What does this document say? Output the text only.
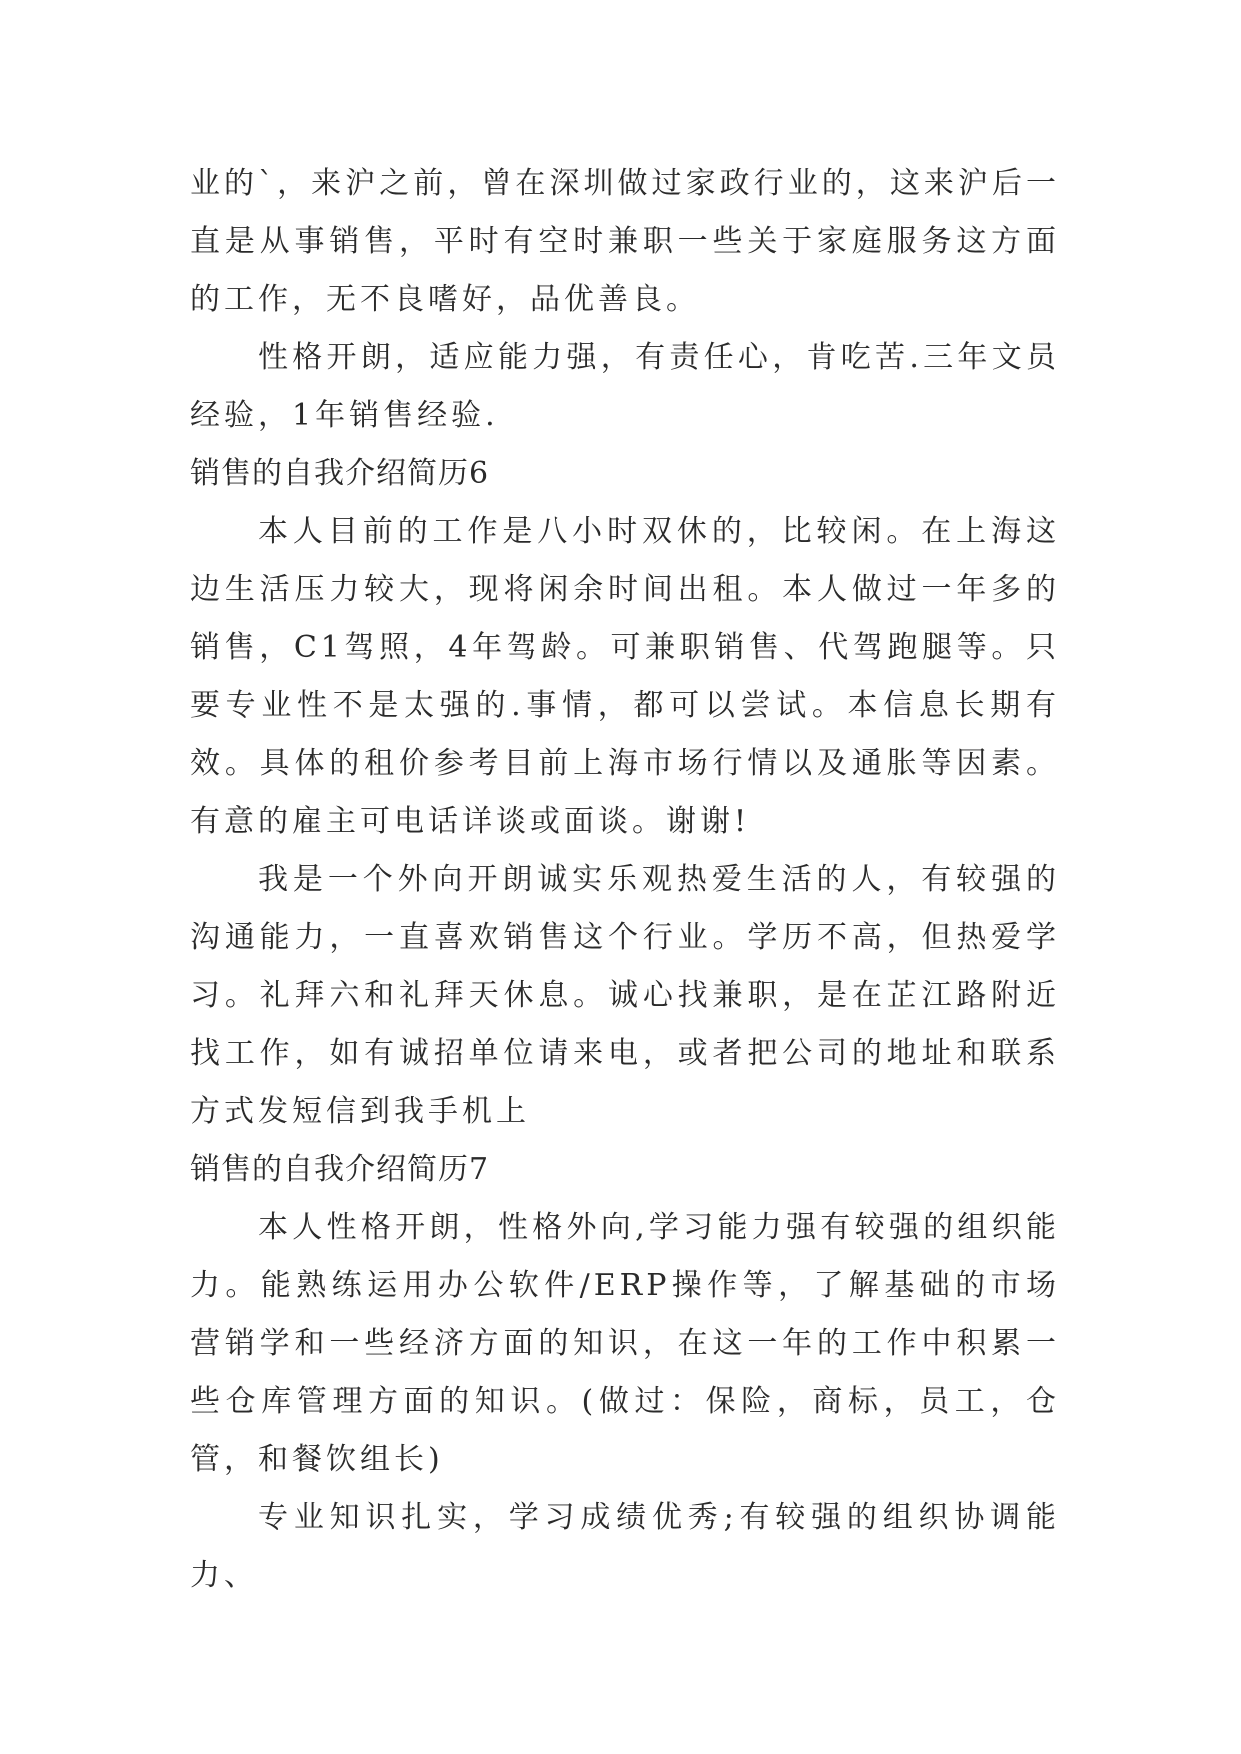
业的`，来沪之前，曾在深圳做过家政行业的，这来沪后一直是从事销售，平时有空时兼职一些关于家庭服务这方面的工作，无不良嗜好，品优善良。

性格开朗，适应能力强，有责任心，肯吃苦.三年文员经验，1年销售经验.

销售的自我介绍简历6

本人目前的工作是八小时双休的，比较闲。在上海这边生活压力较大，现将闲余时间出租。本人做过一年多的销售，C1驾照，4年驾龄。可兼职销售、代驾跑腿等。只要专业性不是太强的.事情，都可以尝试。本信息长期有效。具体的租价参考目前上海市场行情以及通胀等因素。有意的雇主可电话详谈或面谈。谢谢!

我是一个外向开朗诚实乐观热爱生活的人，有较强的沟通能力，一直喜欢销售这个行业。学历不高，但热爱学习。礼拜六和礼拜天休息。诚心找兼职，是在芷江路附近找工作，如有诚招单位请来电，或者把公司的地址和联系方式发短信到我手机上

销售的自我介绍简历7

本人性格开朗，性格外向,学习能力强有较强的组织能力。能熟练运用办公软件/ERP操作等，了解基础的市场营销学和一些经济方面的知识，在这一年的工作中积累一些仓库管理方面的知识。(做过：保险，商标，员工，仓管，和餐饮组长)

专业知识扎实，学习成绩优秀;有较强的组织协调能力、
